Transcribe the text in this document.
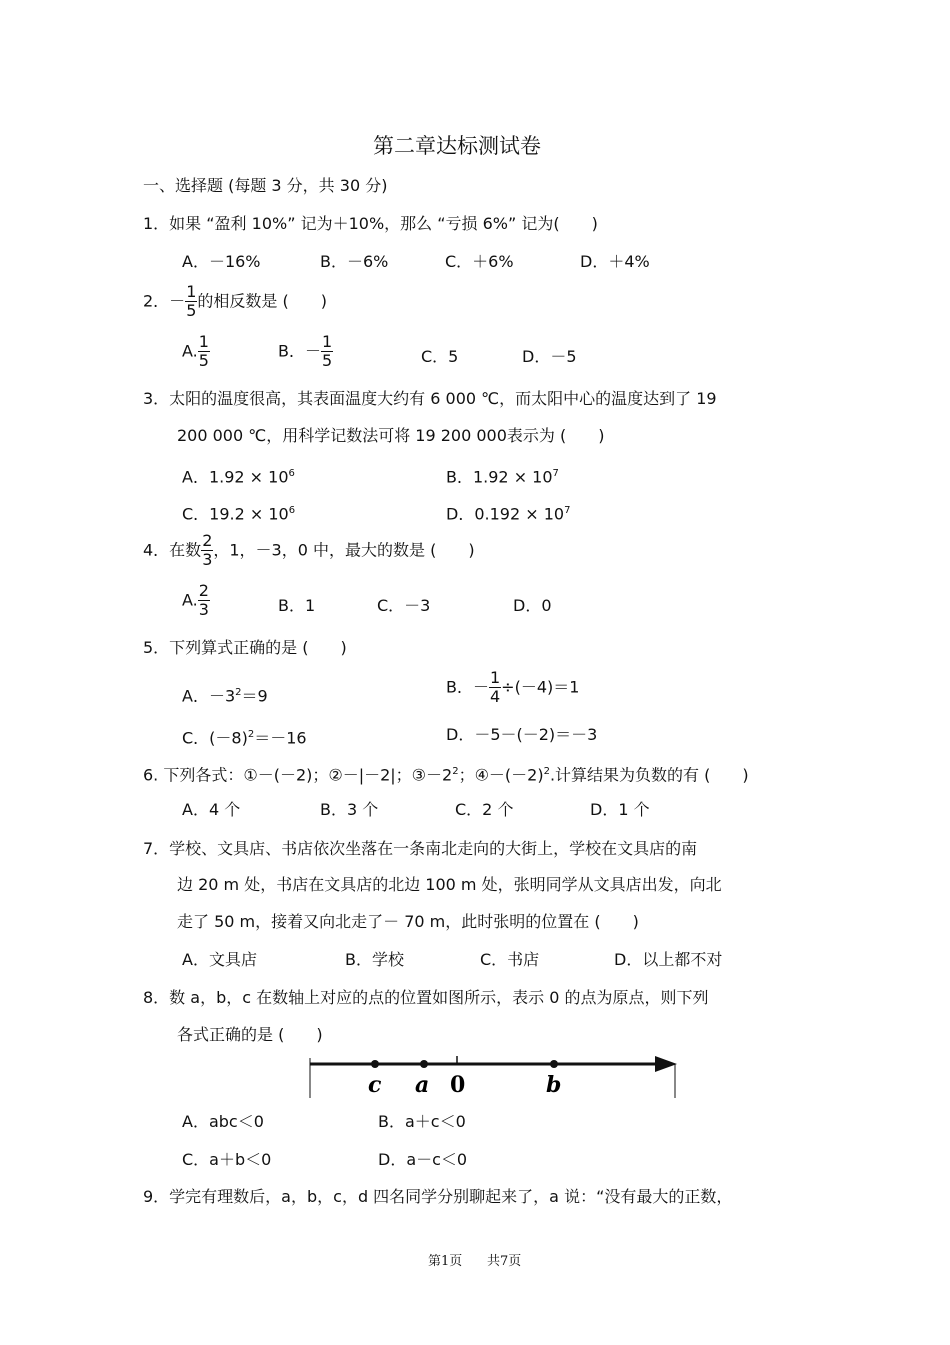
第二章达标测试卷
一、选择题 (每题 3 分，共 30 分)
1．如果 “盈利 10%” 记为＋10%，那么 “亏损 6%” 记为(　　)
A．－16%	B．－6%	C．＋6%	D．＋4%
2．－ $\frac{1}{5}$ 的相反数是 (　　)
A. $\frac{1}{5}$	B．－ $\frac{1}{5}$	C．5	D．－5
3．太阳的温度很高，其表面温度大约有 6 000 ℃，而太阳中心的温度达到了 19
200 000 ℃，用科学记数法可将 19 200 000表示为 (　　)
A．$1.92 \times 10^6$	B．$1.92 \times 10^7$
C．$19.2 \times 10^6$	D．$0.192 \times 10^7$
4．在数 $\frac{2}{3}$ ，1，－3，0 中，最大的数是 (　　)
A. $\frac{2}{3}$	B．1	C．－3	D．0
5．下列算式正确的是 (　　)
A．$-3^2=9$	B．－ $\frac{1}{4} \div(-4)=1$
C．$(-8)^2=-16$	D．－5－(－2)＝－3
6. 下列各式：①－(－2)；②－|－2|；$③-2^2$；$④-(-2)^2$.计算结果为负数的有 (　　)
A．4 个	B．3 个	C．2 个	D．1 个
7．学校、文具店、书店依次坐落在一条南北走向的大街上，学校在文具店的南
边 20 m 处，书店在文具店的北边 100 m 处，张明同学从文具店出发，向北
走了 50 m，接着又向北走了－ 70 m，此时张明的位置在 (　　)
A．文具店	B．学校	C．书店	D．以上都不对
8．数 a，b，c 在数轴上对应的点的位置如图所示，表示 0 的点为原点，则下列
各式正确的是 (　　)
c a 0	b
A．abc＜0	B．a＋c＜0
C．a＋b＜0	D．a－c＜0
9．学完有理数后，a，b，c，d 四名同学分别聊起来了，a 说：“没有最大的正数，
第1页 共7页
